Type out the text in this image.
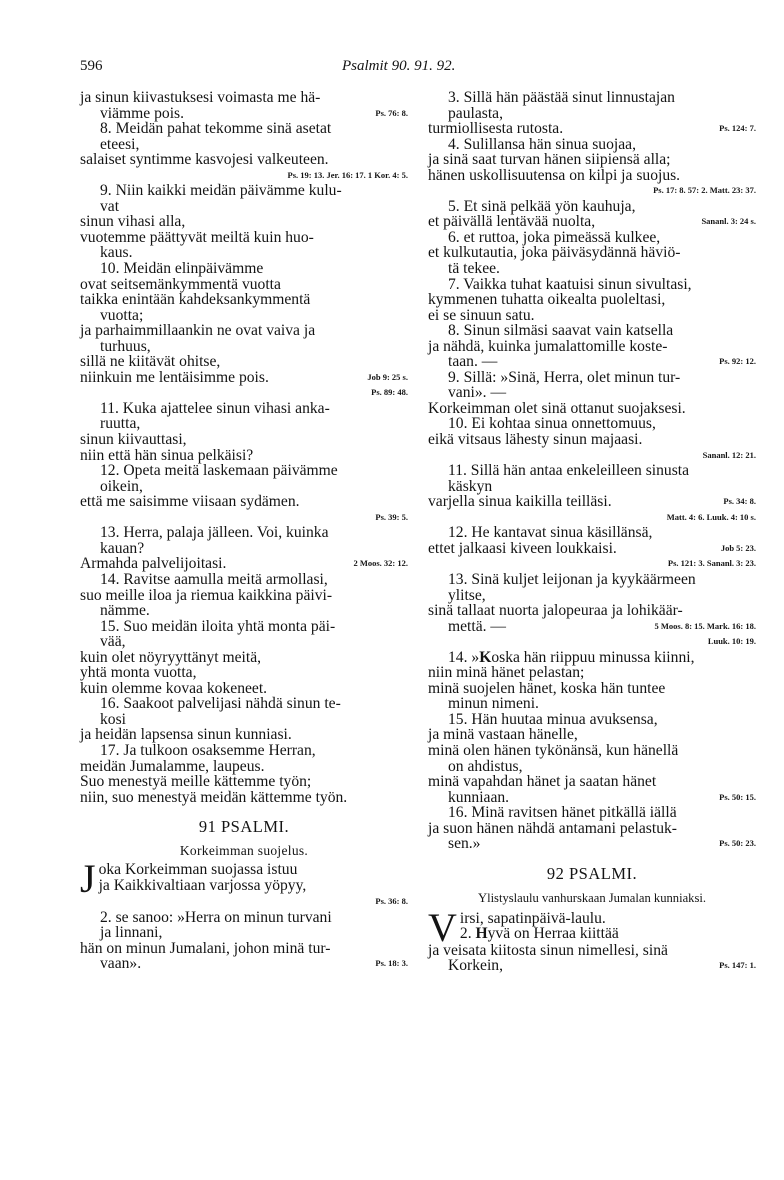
596	Psalmit 90. 91. 92.
ja sinun kiivastuksesi voimasta me hä-
viämme pois.	Ps. 76: 8.
8. Meidän pahat tekomme sinä asetat
eteesi,
salaiset syntimme kasvojesi valkeuteen.
Ps. 19: 13. Jer. 16: 17. 1 Kor. 4: 5.
9. Niin kaikki meidän päivämme kulu-
vat
sinun vihasi alla,
vuotemme päättyvät meiltä kuin huo-
kaus.
10. Meidän elinpäivämme
ovat seitsemänkymmentä vuotta
taikka enintään kahdeksankymmentä
vuotta;
ja parhaimmillaankin ne ovat vaiva ja
turhuus,
sillä ne kiitävät ohitse,
niinkuin me lentäisimme pois.	Job 9: 25 s.
Ps. 89: 48.
11. Kuka ajattelee sinun vihasi anka-
ruutta,
sinun kiivauttasi,
niin että hän sinua pelkäisi?
12. Opeta meitä laskemaan päivämme
oikein,
että me saisimme viisaan sydämen.
Ps. 39: 5.
13. Herra, palaja jälleen. Voi, kuinka
kauan?
Armahda palvelijoitasi.	2 Moos. 32: 12.
14. Ravitse aamulla meitä armollasi,
suo meille iloa ja riemua kaikkina päivi-
nämme.
15. Suo meidän iloita yhtä monta päi-
vää,
kuin olet nöyryyttänyt meitä,
yhtä monta vuotta,
kuin olemme kovaa kokeneet.
16. Saakoot palvelijasi nähdä sinun te-
kosi
ja heidän lapsensa sinun kunniasi.
17. Ja tulkoon osaksemme Herran,
meidän Jumalamme, laupeus.
Suo menestyä meille kättemme työn;
niin, suo menestyä meidän kättemme työn.
91 PSALMI.
Korkeimman suojelus.
J oka Korkeimman suojassa istuu
ja Kaikkivaltiaan varjossa yöpyy,
Ps. 36: 8.
2. se sanoo: »Herra on minun turvani
ja linnani,
hän on minun Jumalani, johon minä tur-
vaan».	Ps. 18: 3.
3. Sillä hän päästää sinut linnustajan
paulasta,
turmiollisesta rutosta.	Ps. 124: 7.
4. Sulillansa hän sinua suojaa,
ja sinä saat turvan hänen siipiensä alla;
hänen uskollisuutensa on kilpi ja suojus.
Ps. 17: 8. 57: 2. Matt. 23: 37.
5. Et sinä pelkää yön kauhuja,
et päivällä lentävää nuolta,	Sananl. 3: 24 s.
6. et ruttoa, joka pimeässä kulkee,
et kulkutautia, joka päiväsydännä häviö-
tä tekee.
7. Vaikka tuhat kaatuisi sinun sivultasi,
kymmenen tuhatta oikealta puoleltasi,
ei se sinuun satu.
8. Sinun silmäsi saavat vain katsella
ja nähdä, kuinka jumalattomille koste-
taan. —	Ps. 92: 12.
9. Sillä: »Sinä, Herra, olet minun tur-
vani». —
Korkeimman olet sinä ottanut suojaksesi.
10. Ei kohtaa sinua onnettomuus,
eikä vitsaus lähesty sinun majaasi.
Sananl. 12: 21.
11. Sillä hän antaa enkeleilleen sinusta
käskyn
varjella sinua kaikilla teilläsi.	Ps. 34: 8.
Matt. 4: 6. Luuk. 4: 10 s.
12. He kantavat sinua käsillänsä,
ettet jalkaasi kiveen loukkaisi.	Job 5: 23.
Ps. 121: 3. Sananl. 3: 23.
13. Sinä kuljet leijonan ja kyykäärmeen
ylitse,
sinä tallaat nuorta jalopeuraa ja lohikäär-
mettä. —	5 Moos. 8: 15. Mark. 16: 18.
Luuk. 10: 19.
14. »Koska hän riippuu minussa kiinni,
niin minä hänet pelastan;
minä suojelen hänet, koska hän tuntee
minun nimeni.
15. Hän huutaa minua avuksensa,
ja minä vastaan hänelle,
minä olen hänen tykönänsä, kun hänellä
on ahdistus,
minä vapahdan hänet ja saatan hänet
kunniaan.	Ps. 50: 15.
16. Minä ravitsen hänet pitkällä iällä
ja suon hänen nähdä antamani pelastuk-
sen.»	Ps. 50: 23.
92 PSALMI.
Ylistyslaulu vanhurskaan Jumalan kunniaksi.
V irsi, sapatinpäivä-laulu.
2. Hyvä on Herraa kiittää
ja veisata kiitosta sinun nimellesi, sinä
Korkein,	Ps. 147: 1.
